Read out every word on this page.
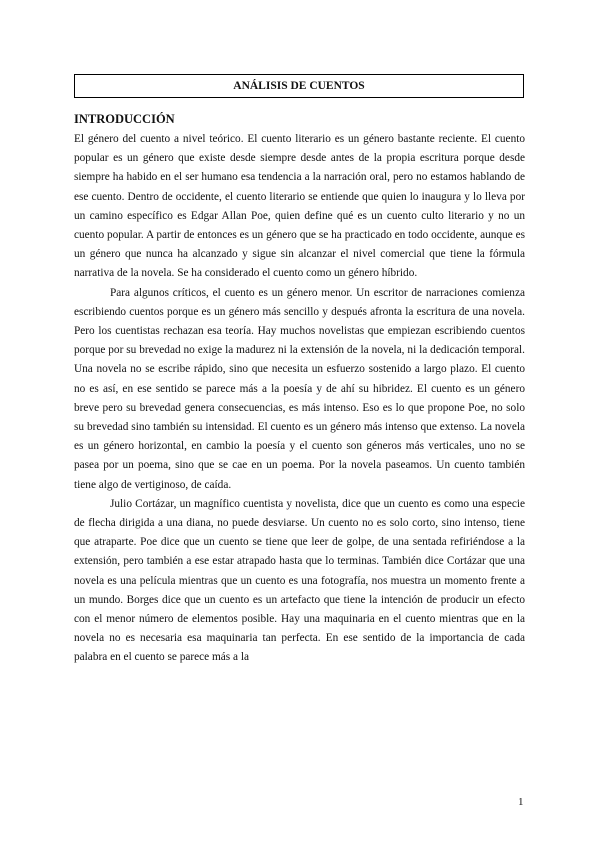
ANÁLISIS DE CUENTOS
INTRODUCCIÓN

El género del cuento a nivel teórico. El cuento literario es un género bastante reciente. El cuento popular es un género que existe desde siempre desde antes de la propia escritura porque desde siempre ha habido en el ser humano esa tendencia a la narración oral, pero no estamos hablando de ese cuento. Dentro de occidente, el cuento literario se entiende que quien lo inaugura y lo lleva por un camino específico es Edgar Allan Poe, quien define qué es un cuento culto literario y no un cuento popular. A partir de entonces es un género que se ha practicado en todo occidente, aunque es un género que nunca ha alcanzado y sigue sin alcanzar el nivel comercial que tiene la fórmula narrativa de la novela. Se ha considerado el cuento como un género híbrido.

Para algunos críticos, el cuento es un género menor. Un escritor de narraciones comienza escribiendo cuentos porque es un género más sencillo y después afronta la escritura de una novela. Pero los cuentistas rechazan esa teoría. Hay muchos novelistas que empiezan escribiendo cuentos porque por su brevedad no exige la madurez ni la extensión de la novela, ni la dedicación temporal. Una novela no se escribe rápido, sino que necesita un esfuerzo sostenido a largo plazo. El cuento no es así, en ese sentido se parece más a la poesía y de ahí su hibridez. El cuento es un género breve pero su brevedad genera consecuencias, es más intenso. Eso es lo que propone Poe, no solo su brevedad sino también su intensidad. El cuento es un género más intenso que extenso. La novela es un género horizontal, en cambio la poesía y el cuento son géneros más verticales, uno no se pasea por un poema, sino que se cae en un poema. Por la novela paseamos. Un cuento también tiene algo de vertiginoso, de caída.

Julio Cortázar, un magnífico cuentista y novelista, dice que un cuento es como una especie de flecha dirigida a una diana, no puede desviarse. Un cuento no es solo corto, sino intenso, tiene que atraparte. Poe dice que un cuento se tiene que leer de golpe, de una sentada refiriéndose a la extensión, pero también a ese estar atrapado hasta que lo terminas. También dice Cortázar que una novela es una película mientras que un cuento es una fotografía, nos muestra un momento frente a un mundo. Borges dice que un cuento es un artefacto que tiene la intención de producir un efecto con el menor número de elementos posible. Hay una maquinaria en el cuento mientras que en la novela no es necesaria esa maquinaria tan perfecta. En ese sentido de la importancia de cada palabra en el cuento se parece más a la

1
